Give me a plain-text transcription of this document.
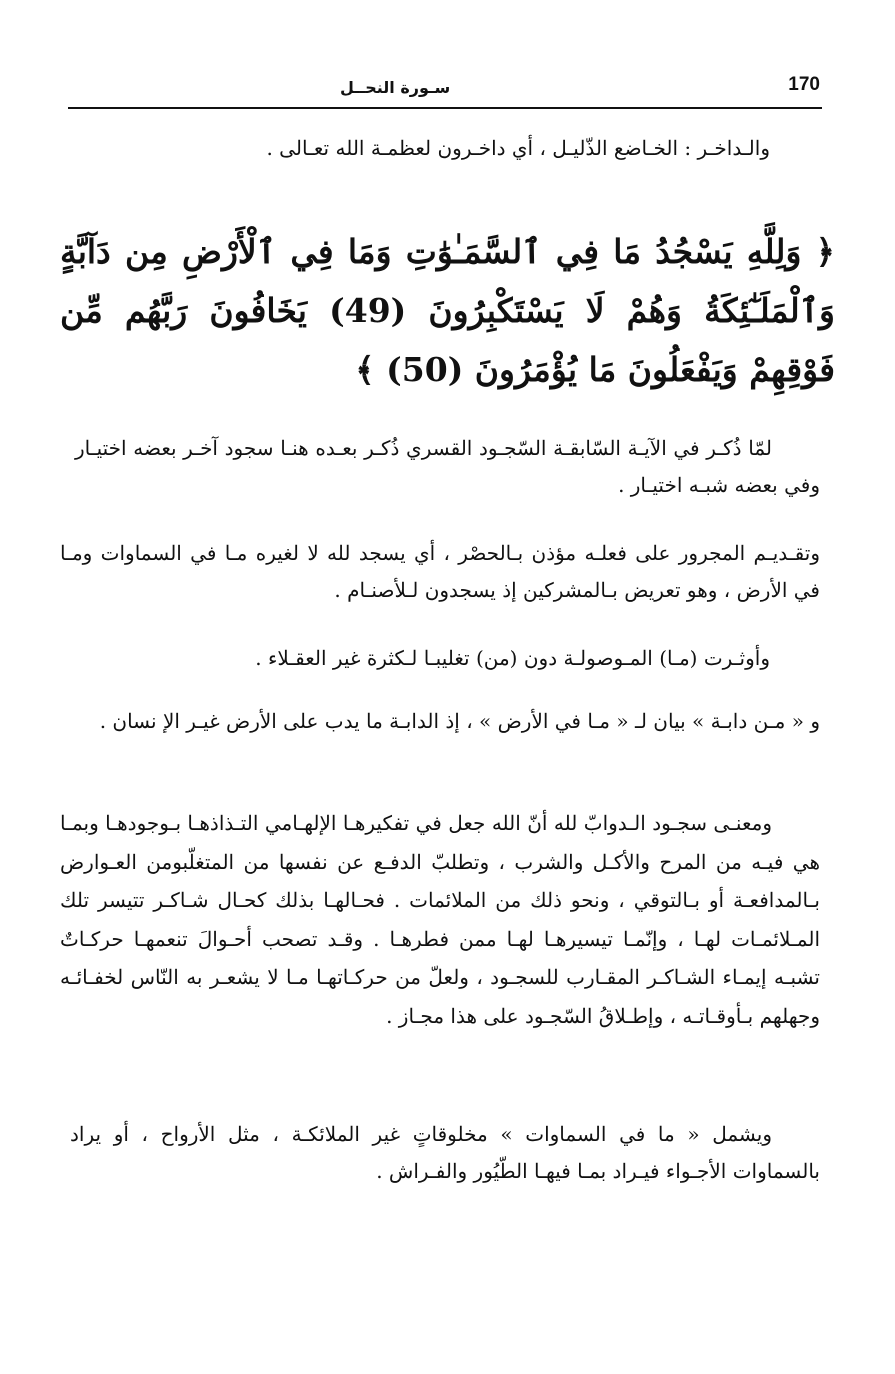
170
سـورة النحــل
والـداخـر : الخـاضع الذّليـل ، أي داخـرون لعظمـة الله تعـالى .
﴿ وَلِلَّهِ يَسْجُدُ مَا فِي ٱلسَّمَـٰوَٰتِ وَمَا فِي ٱلْأَرْضِ مِن دَآبَّةٍ وَٱلْمَلَـٰٓئِكَةُ وَهُمْ لَا يَسْتَكْبِرُونَ (49) يَخَافُونَ رَبَّهُم مِّن فَوْقِهِمْ وَيَفْعَلُونَ مَا يُؤْمَرُونَ (50) ﴾
لمّا ذُكـر في الآيـة السّابقـة السّجـود القسري ذُكـر بعـده هنـا سجود آخـر بعضه اختيـار وفي بعضه شبـه اختيـار .
وتقـديـم المجرور على فعلـه مؤذن بـالحصْر ، أي يسجد لله لا لغيره مـا في السماوات ومـا في الأرض ، وهو تعريض بـالمشركين إذ يسجدون لـلأصنـام .
وأوثـرت (مـا) المـوصولـة دون (من) تغليبـا لـكثرة غير العقـلاء .
و « مـن دابـة » بيان لـ « مـا في الأرض » ، إذ الدابـة ما يدب على الأرض غيـر الإ نسان .
ومعنـى سجـود الـدوابّ لله أنّ الله جعل في تفكيرهـا الإلهـامي التـذاذهـا بـوجودهـا وبمـا هي فيـه من المرح والأكـل والشرب ، وتطلبّ الدفـع عن نفسها من المتغلّبومن العـوارض بـالمدافعـة أو بـالتوقي ، ونحو ذلك من الملائمات . فحـالهـا بذلك كحـال شـاكـر تتيسر تلك المـلائمـات لهـا ، وإنّمـا تيسيرهـا لهـا ممن فطرهـا . وقـد تصحب أحـوالَ تنعمهـا حركـاتٌ تشبـه إيمـاء الشـاكـر المقـارب للسجـود ، ولعلّ من حركـاتهـا مـا لا يشعـر به النّاس لخفـائـه وجهلهم بـأوقـاتـه ، وإطـلاقُ السّجـود على هذا مجـاز .
ويشمل « ما في السماوات » مخلوقاتٍ غير الملائكـة ، مثل الأرواح ، أو يراد بالسماوات الأجـواء فيـراد بمـا فيهـا الطّيُور والفـراش .
